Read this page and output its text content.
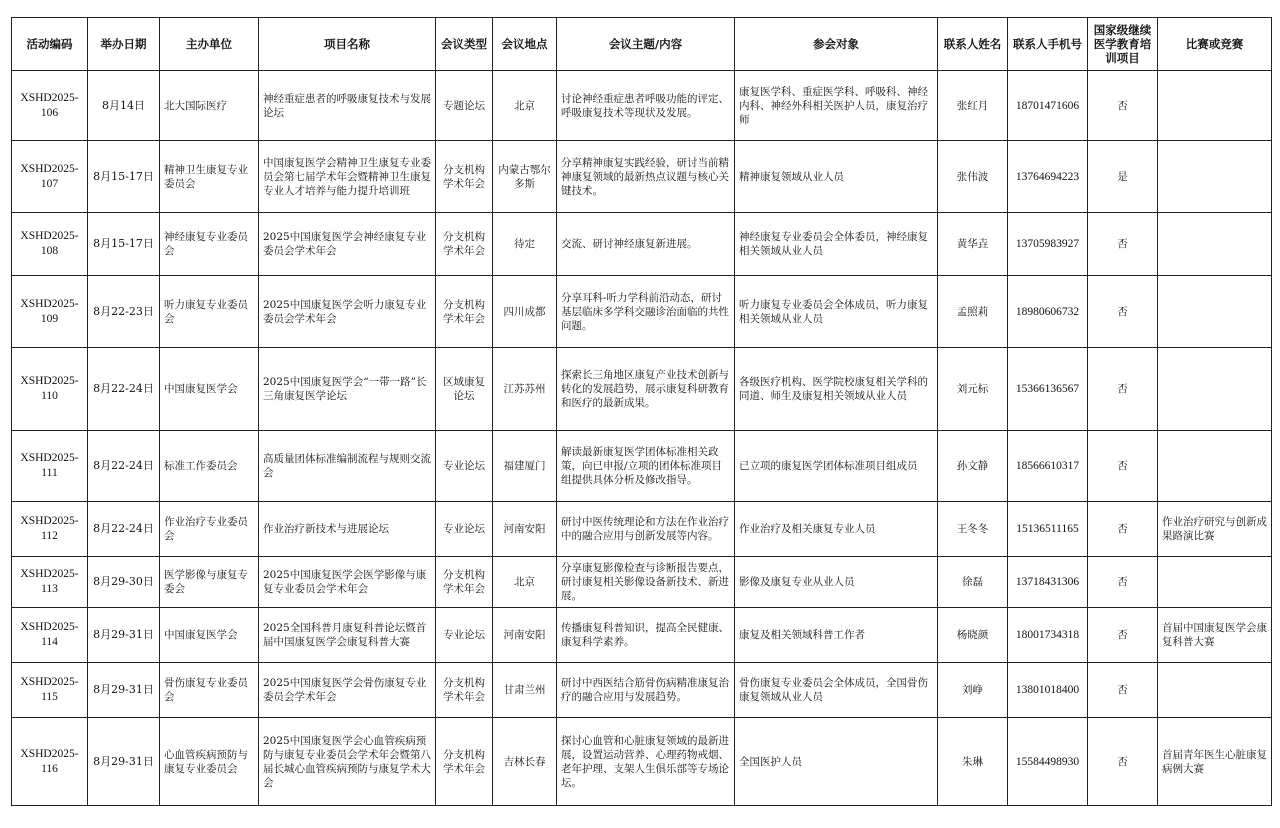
活动编码	举办日期	主办单位	项目名称	会议类型	会议地点	会议主题/内容	参会对象	联系人姓名	联系人手机号	国家级继续医学教育培训项目	比赛或竞赛
XSHD2025-106	8月14日	北大国际医疗	神经重症患者的呼吸康复技术与发展论坛	专题论坛	北京	讨论神经重症患者呼吸功能的评定、呼吸康复技术等现状及发展。	康复医学科、重症医学科、呼吸科、神经内科、神经外科相关医护人员，康复治疗师	张红月	18701471606	否	
XSHD2025-107	8月15-17日	精神卫生康复专业委员会	中国康复医学会精神卫生康复专业委员会第七届学术年会暨精神卫生康复专业人才培养与能力提升培训班	分支机构学术年会	内蒙古鄂尔多斯	分享精神康复实践经验，研讨当前精神康复领域的最新热点议题与核心关键技术。	精神康复领域从业人员	张伟波	13764694223	是	
XSHD2025-108	8月15-17日	神经康复专业委员会	2025中国康复医学会神经康复专业委员会学术年会	分支机构学术年会	待定	交流、研讨神经康复新进展。	神经康复专业委员会全体委员，神经康复相关领域从业人员	黄华垚	13705983927	否	
XSHD2025-109	8月22-23日	听力康复专业委员会	2025中国康复医学会听力康复专业委员会学术年会	分支机构学术年会	四川成都	分享耳科-听力学科前沿动态，研讨基层临床多学科交融诊治面临的共性问题。	听力康复专业委员会全体成员，听力康复相关领域从业人员	孟照莉	18980606732	否	
XSHD2025-110	8月22-24日	中国康复医学会	2025中国康复医学会“一带一路”长三角康复医学论坛	区域康复论坛	江苏苏州	探索长三角地区康复产业技术创新与转化的发展趋势，展示康复科研教育和医疗的最新成果。	各级医疗机构、医学院校康复相关学科的同道、师生及康复相关领域从业人员	刘元标	15366136567	否	
XSHD2025-111	8月22-24日	标准工作委员会	高质量团体标准编制流程与规则交流会	专业论坛	福建厦门	解读最新康复医学团体标准相关政策，向已申报/立项的团体标准项目组提供具体分析及修改指导。	已立项的康复医学团体标准项目组成员	孙文静	18566610317	否	
XSHD2025-112	8月22-24日	作业治疗专业委员会	作业治疗新技术与进展论坛	专业论坛	河南安阳	研讨中医传统理论和方法在作业治疗中的融合应用与创新发展等内容。	作业治疗及相关康复专业人员	王冬冬	15136511165	否	作业治疗研究与创新成果路演比赛
XSHD2025-113	8月29-30日	医学影像与康复专委会	2025中国康复医学会医学影像与康复专业委员会学术年会	分支机构学术年会	北京	分享康复影像检查与诊断报告要点，研讨康复相关影像设备新技术、新进展。	影像及康复专业从业人员	徐磊	13718431306	否	
XSHD2025-114	8月29-31日	中国康复医学会	2025全国科普月康复科普论坛暨首届中国康复医学会康复科普大赛	专业论坛	河南安阳	传播康复科普知识，提高全民健康、康复科学素养。	康复及相关领域科普工作者	杨晓颜	18001734318	否	首届中国康复医学会康复科普大赛
XSHD2025-115	8月29-31日	骨伤康复专业委员会	2025中国康复医学会骨伤康复专业委员会学术年会	分支机构学术年会	甘肃兰州	研讨中西医结合筋骨伤病精准康复治疗的融合应用与发展趋势。	骨伤康复专业委员会全体成员，全国骨伤康复领域从业人员	刘峥	13801018400	否	
XSHD2025-116	8月29-31日	心血管疾病预防与康复专业委员会	2025中国康复医学会心血管疾病预防与康复专业委员会学术年会暨第八届长城心血管疾病预防与康复学术大会	分支机构学术年会	吉林长春	探讨心血管和心脏康复领域的最新进展，设置运动营养、心理药物戒烟、老年护理、支架人生俱乐部等专场论坛。	全国医护人员	朱琳	15584498930	否	首届青年医生心脏康复病例大赛
